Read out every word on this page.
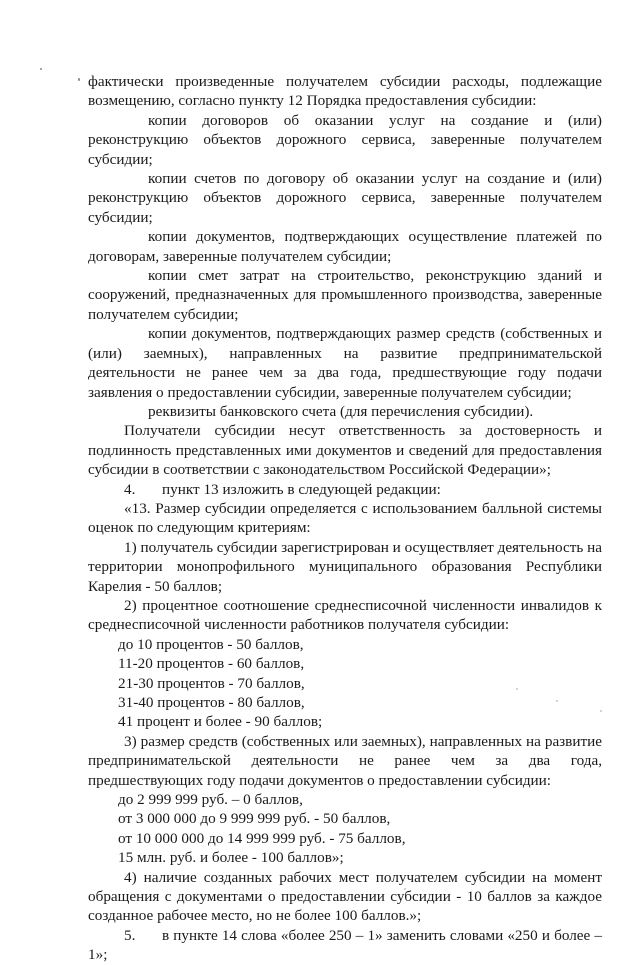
фактически произведенные получателем субсидии расходы, подлежащие возмещению, согласно пункту 12 Порядка предоставления субсидии:

копии договоров об оказании услуг на создание и (или) реконструкцию объектов дорожного сервиса, заверенные получателем субсидии;

копии счетов по договору об оказании услуг на создание и (или) реконструкцию объектов дорожного сервиса, заверенные получателем субсидии;

копии документов, подтверждающих осуществление платежей по договорам, заверенные получателем субсидии;

копии смет затрат на строительство, реконструкцию зданий и сооружений, предназначенных для промышленного производства, заверенные получателем субсидии;

копии документов, подтверждающих размер средств (собственных и (или) заемных), направленных на развитие предпринимательской деятельности не ранее чем за два года, предшествующие году подачи заявления о предоставлении субсидии, заверенные получателем субсидии;

реквизиты банковского счета (для перечисления субсидии).

Получатели субсидии несут ответственность за достоверность и подлинность представленных ими документов и сведений для предоставления субсидии в соответствии с законодательством Российской Федерации»;

4. пункт 13 изложить в следующей редакции:

«13. Размер субсидии определяется с использованием балльной системы оценок по следующим критериям:

1) получатель субсидии зарегистрирован и осуществляет деятельность на территории монопрофильного муниципального образования Республики Карелия - 50 баллов;

2) процентное соотношение среднесписочной численности инвалидов к среднесписочной численности работников получателя субсидии:

до 10 процентов - 50 баллов,

11-20 процентов - 60 баллов,

21-30 процентов - 70 баллов,

31-40 процентов - 80 баллов,

41 процент и более - 90 баллов;

3) размер средств (собственных или заемных), направленных на развитие предпринимательской деятельности не ранее чем за два года, предшествующих году подачи документов о предоставлении субсидии:

до 2 999 999 руб. – 0 баллов,

от 3 000 000 до 9 999 999 руб. - 50 баллов,

от 10 000 000 до 14 999 999 руб. - 75 баллов,

15 млн. руб. и более - 100 баллов»;

4) наличие созданных рабочих мест получателем субсидии на момент обращения с документами о предоставлении субсидии - 10 баллов за каждое созданное рабочее место, но не более 100 баллов.»;

5. в пункте 14 слова «более 250 – 1» заменить словами «250 и более – 1»;
